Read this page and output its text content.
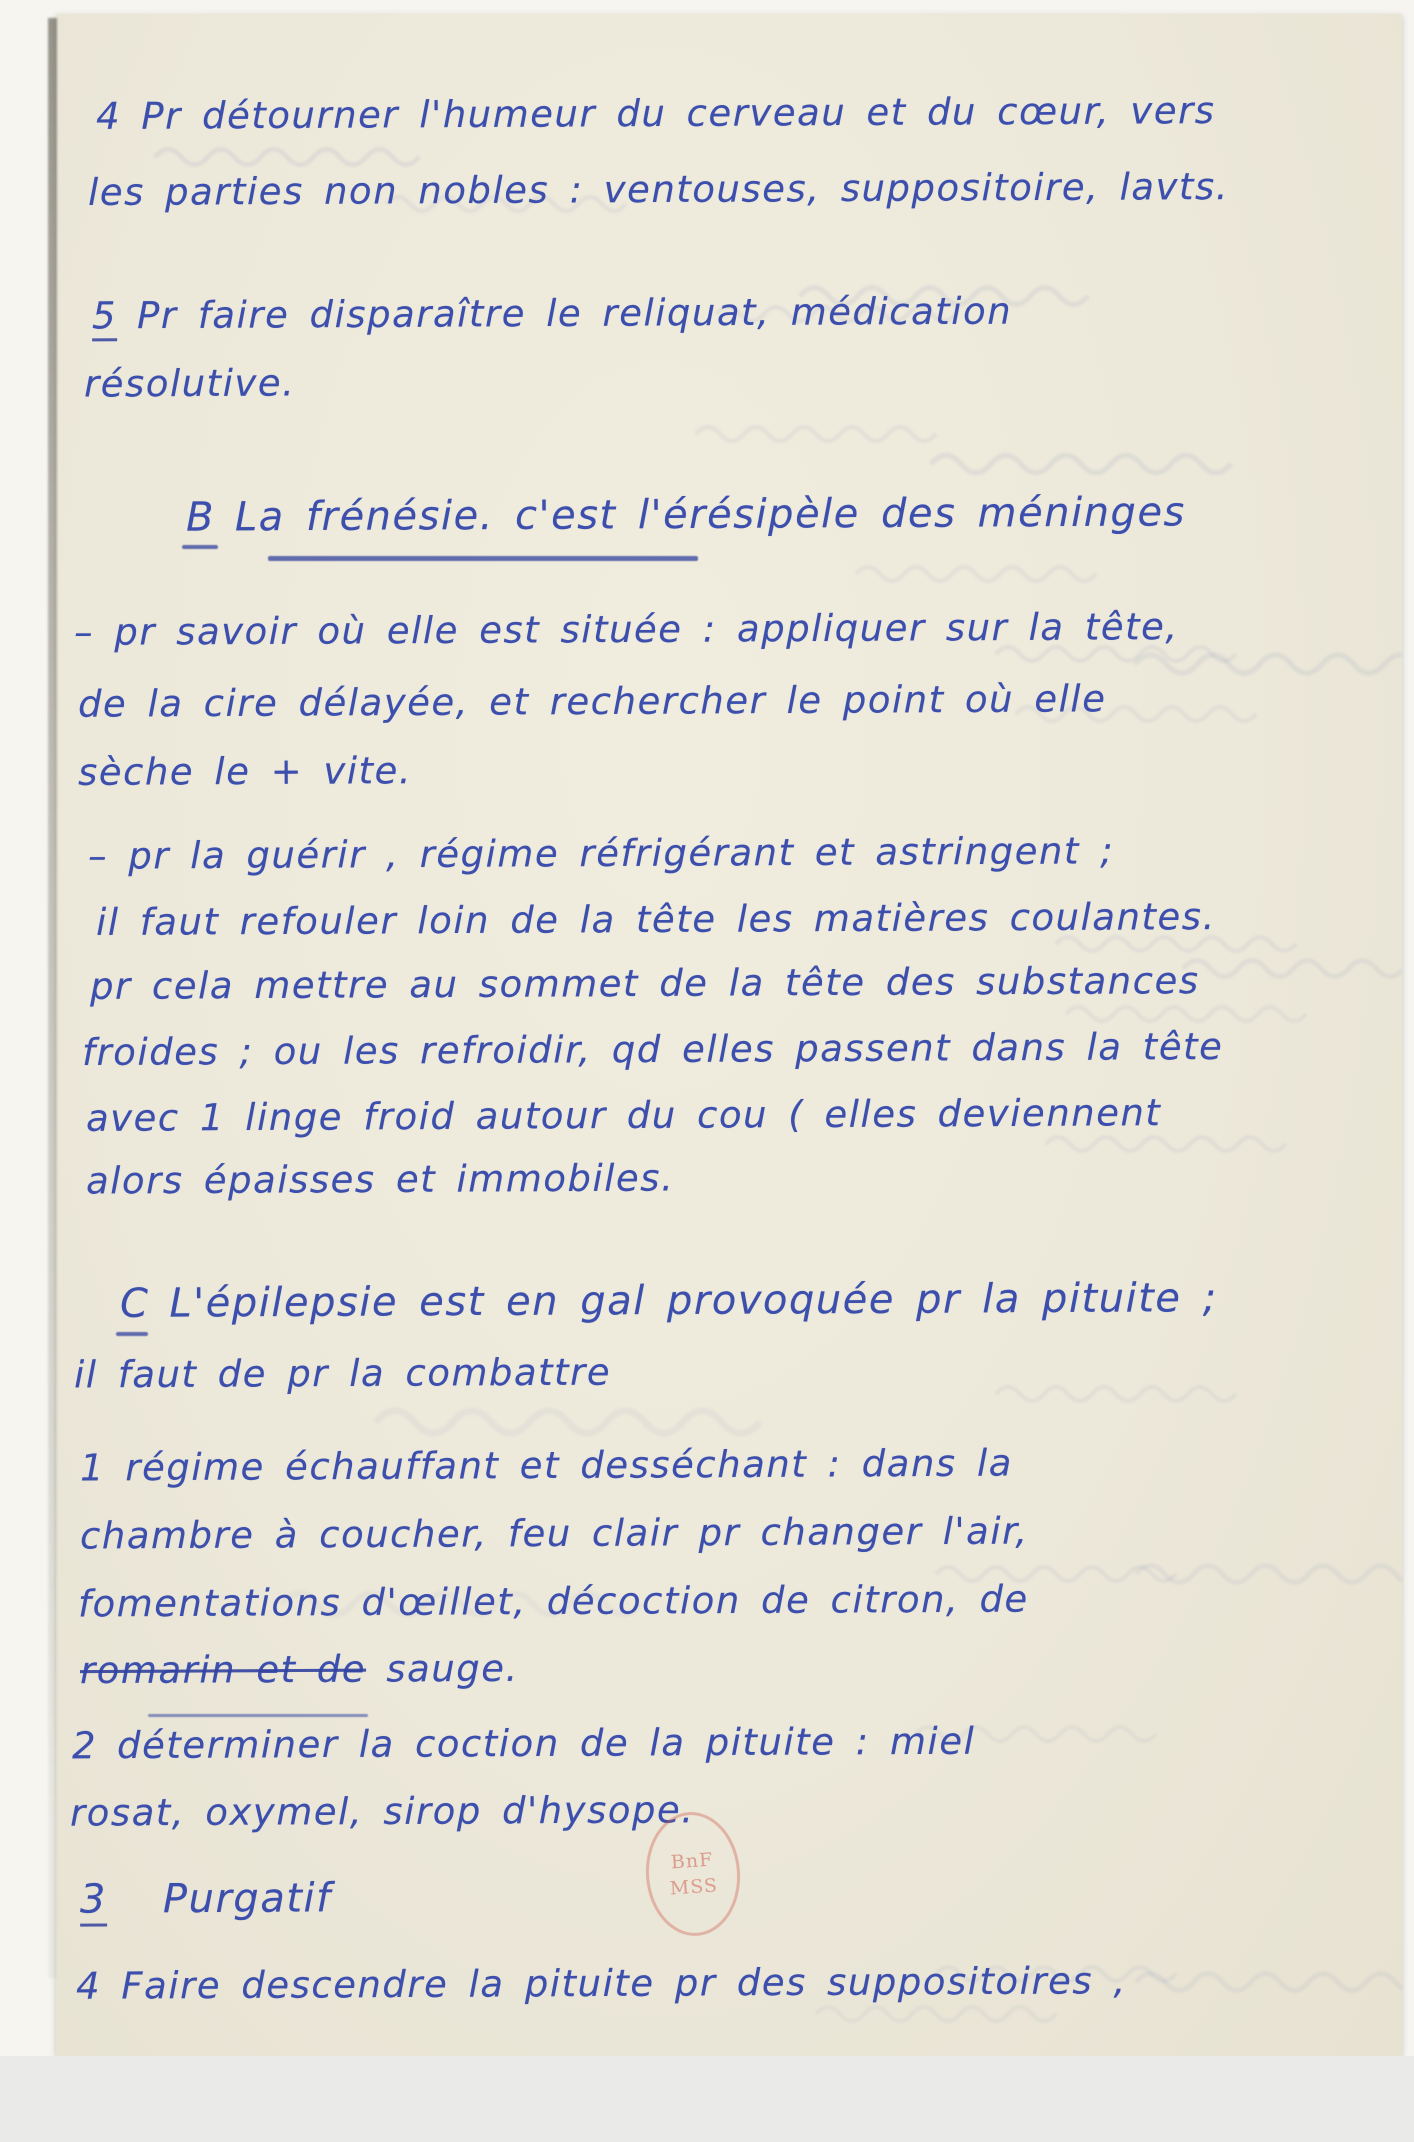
4 Pr détourner l'humeur du cerveau et du cœur, vers
les parties non nobles : ventouses, suppositoire, lavts.
5 Pr faire disparaître le reliquat, médication
résolutive.
B La frénésie. c'est l'érésipèle des méninges
– pr savoir où elle est située : appliquer sur la tête,
de la cire délayée, et rechercher le point où elle
sèche le + vite.
– pr la guérir , régime réfrigérant et astringent ;
il faut refouler loin de la tête les matières coulantes.
pr cela mettre au sommet de la tête des substances
froides ; ou les refroidir, qd elles passent dans la tête
avec 1 linge froid autour du cou ( elles deviennent
alors épaisses et immobiles.
C L'épilepsie est en gal provoquée pr la pituite ;
il faut de pr la combattre
1 régime échauffant et desséchant : dans la
chambre à coucher, feu clair pr changer l'air,
fomentations d'œillet, décoction de citron, de
romarin et de sauge.
2 déterminer la coction de la pituite : miel
rosat, oxymel, sirop d'hysope.
3 Purgatif
4 Faire descendre la pituite pr des suppositoires ,
BnF
MSS
